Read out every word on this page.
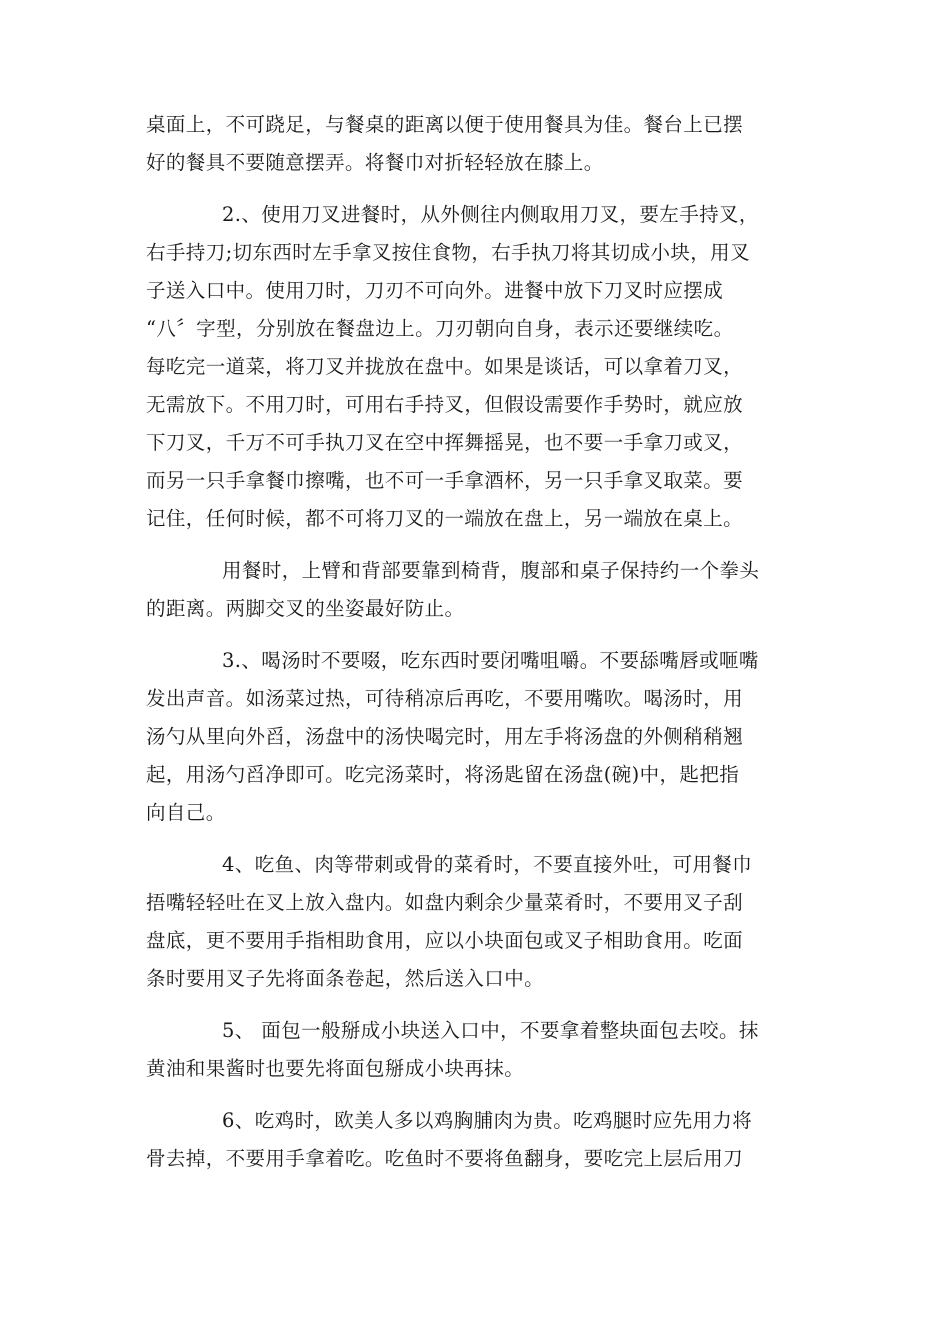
桌面上，不可跷足，与餐桌的距离以便于使用餐具为佳。餐台上已摆
好的餐具不要随意摆弄。将餐巾对折轻轻放在膝上。
2.、使用刀叉进餐时，从外侧往内侧取用刀叉，要左手持叉，
右手持刀;切东西时左手拿叉按住食物，右手执刀将其切成小块，用叉
子送入口中。使用刀时，刀刃不可向外。进餐中放下刀叉时应摆成
“八〞字型，分别放在餐盘边上。刀刃朝向自身，表示还要继续吃。
每吃完一道菜，将刀叉并拢放在盘中。如果是谈话，可以拿着刀叉，
无需放下。不用刀时，可用右手持叉，但假设需要作手势时，就应放
下刀叉，千万不可手执刀叉在空中挥舞摇晃，也不要一手拿刀或叉，
而另一只手拿餐巾擦嘴，也不可一手拿酒杯，另一只手拿叉取菜。要
记住，任何时候，都不可将刀叉的一端放在盘上，另一端放在桌上。
用餐时，上臂和背部要靠到椅背，腹部和桌子保持约一个拳头
的距离。两脚交叉的坐姿最好防止。
3.、喝汤时不要啜，吃东西时要闭嘴咀嚼。不要舔嘴唇或咂嘴
发出声音。如汤菜过热，可待稍凉后再吃，不要用嘴吹。喝汤时，用
汤勺从里向外舀，汤盘中的汤快喝完时，用左手将汤盘的外侧稍稍翘
起，用汤勺舀净即可。吃完汤菜时，将汤匙留在汤盘(碗)中，匙把指
向自己。
4、吃鱼、肉等带刺或骨的菜肴时，不要直接外吐，可用餐巾
捂嘴轻轻吐在叉上放入盘内。如盘内剩余少量菜肴时，不要用叉子刮
盘底，更不要用手指相助食用，应以小块面包或叉子相助食用。吃面
条时要用叉子先将面条卷起，然后送入口中。
5、 面包一般掰成小块送入口中，不要拿着整块面包去咬。抹
黄油和果酱时也要先将面包掰成小块再抹。
6、吃鸡时，欧美人多以鸡胸脯肉为贵。吃鸡腿时应先用力将
骨去掉，不要用手拿着吃。吃鱼时不要将鱼翻身，要吃完上层后用刀
